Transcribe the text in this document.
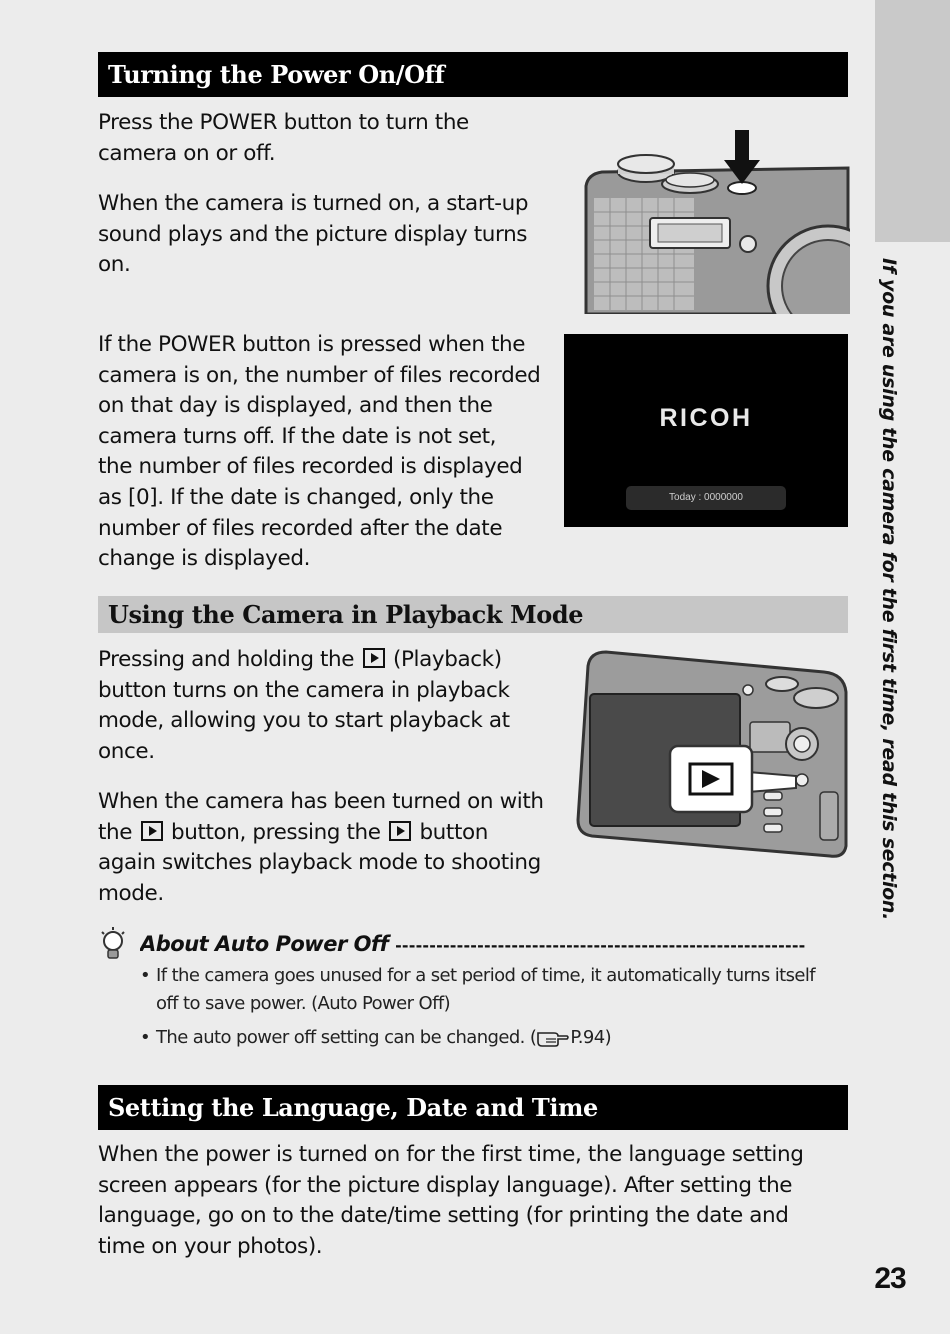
If you are using the camera for the first time, read this section.
Turning the Power On/Off

Press the POWER button to turn the
camera on or off.

When the camera is turned on, a start-up
sound plays and the picture display turns
on.

If the POWER button is pressed when the
camera is on, the number of files recorded
on that day is displayed, and then the
camera turns off. If the date is not set,
the number of files recorded is displayed
as [0]. If the date is changed, only the
number of files recorded after the date
change is displayed.

RICOH
Today : 0000000
Using the Camera in Playback Mode

Pressing and holding the (Playback)
button turns on the camera in playback
mode, allowing you to start playback at
once.

When the camera has been turned on with
the button, pressing the button
again switches playback mode to shooting
mode.

About Auto Power Off ------------------------------------------------------------
• If the camera goes unused for a set period of time, it automatically turns itself
off to save power. (Auto Power Off)
• The auto power off setting can be changed. ( P.94)
Setting the Language, Date and Time

When the power is turned on for the first time, the language setting
screen appears (for the picture display language). After setting the
language, go on to the date/time setting (for printing the date and
time on your photos).

23
